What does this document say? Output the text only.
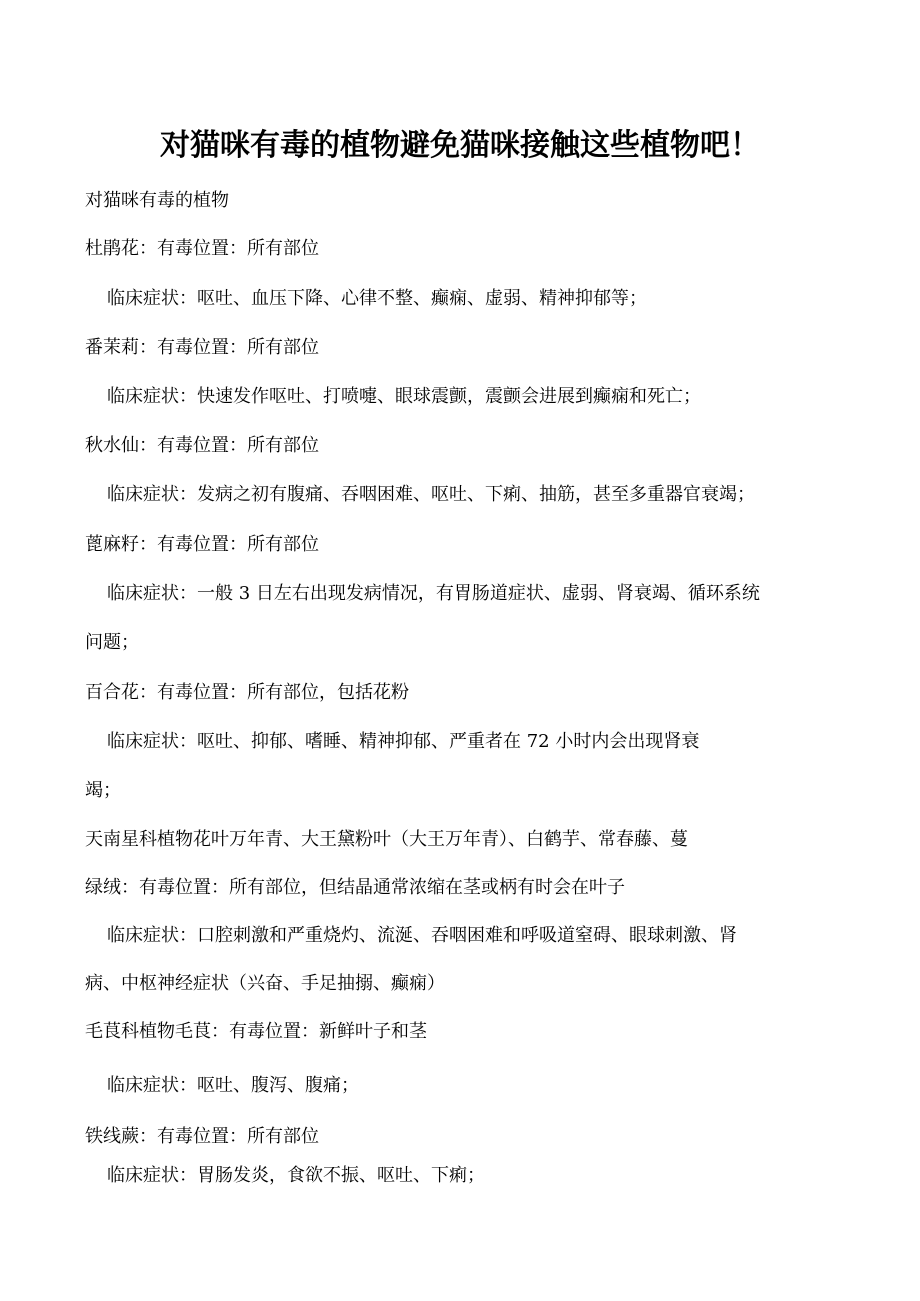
对猫咪有毒的植物避免猫咪接触这些植物吧！

对猫咪有毒的植物

杜鹃花：有毒位置：所有部位

临床症状：呕吐、血压下降、心律不整、癫痫、虚弱、精神抑郁等；

番茉莉：有毒位置：所有部位

临床症状：快速发作呕吐、打喷嚏、眼球震颤，震颤会进展到癫痫和死亡；

秋水仙：有毒位置：所有部位

临床症状：发病之初有腹痛、吞咽困难、呕吐、下痢、抽筋，甚至多重器官衰竭；

蓖麻籽：有毒位置：所有部位

临床症状：一般 3 日左右出现发病情况，有胃肠道症状、虚弱、肾衰竭、循环系统

问题；

百合花：有毒位置：所有部位，包括花粉

临床症状：呕吐、抑郁、嗜睡、精神抑郁、严重者在 72 小时内会出现肾衰

竭；

天南星科植物花叶万年青、大王黛粉叶（大王万年青）、白鹤芋、常春藤、蔓

绿绒：有毒位置：所有部位，但结晶通常浓缩在茎或柄有时会在叶子

临床症状：口腔刺激和严重烧灼、流涎、吞咽困难和呼吸道窒碍、眼球刺激、肾

病、中枢神经症状（兴奋、手足抽搦、癫痫）

毛茛科植物毛茛：有毒位置：新鲜叶子和茎

临床症状：呕吐、腹泻、腹痛；

铁线蕨：有毒位置：所有部位

临床症状：胃肠发炎，食欲不振、呕吐、下痢；
